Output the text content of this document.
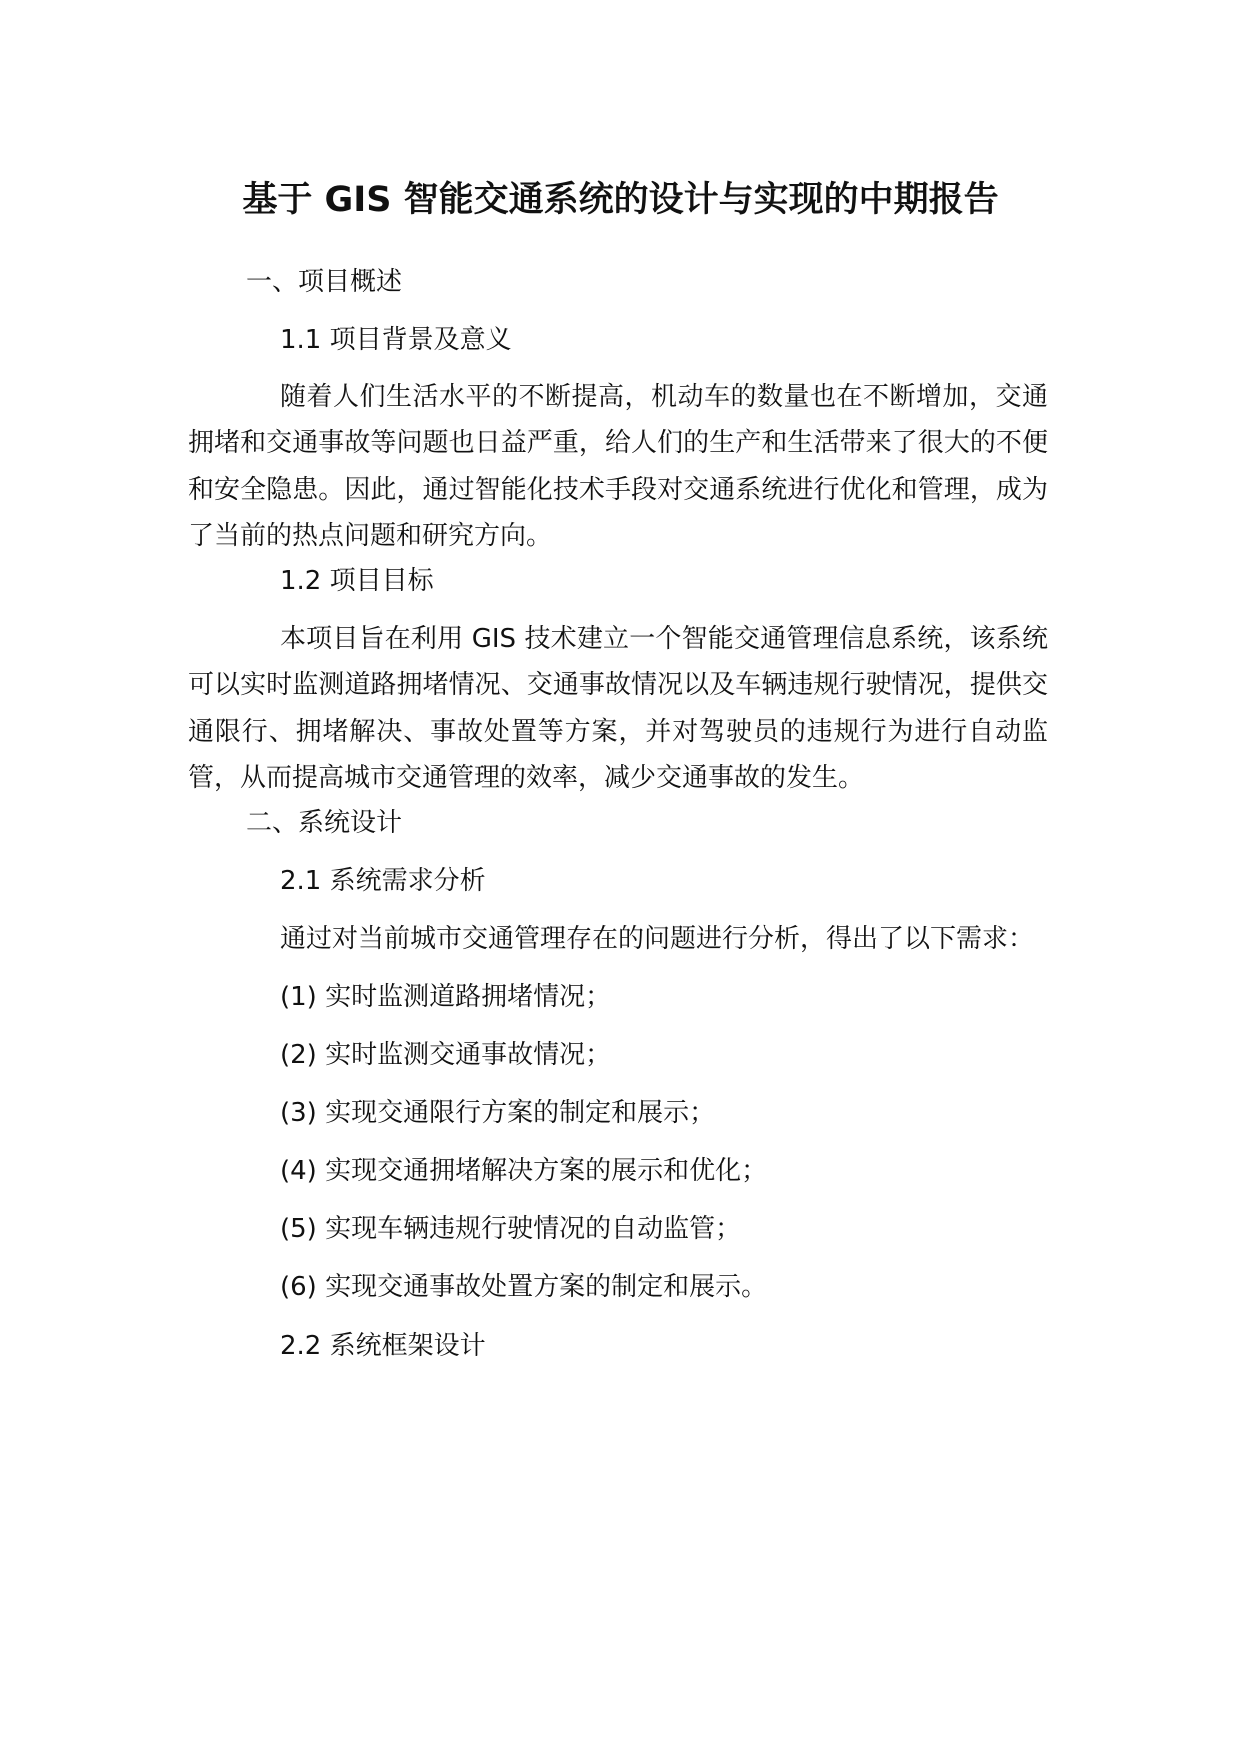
基于 GIS 智能交通系统的设计与实现的中期报告
一、项目概述
1.1 项目背景及意义
随着人们生活水平的不断提高，机动车的数量也在不断增加，交通拥堵和交通事故等问题也日益严重，给人们的生产和生活带来了很大的不便和安全隐患。因此，通过智能化技术手段对交通系统进行优化和管理，成为了当前的热点问题和研究方向。
1.2 项目目标
本项目旨在利用 GIS 技术建立一个智能交通管理信息系统，该系统可以实时监测道路拥堵情况、交通事故情况以及车辆违规行驶情况，提供交通限行、拥堵解决、事故处置等方案，并对驾驶员的违规行为进行自动监管，从而提高城市交通管理的效率，减少交通事故的发生。
二、系统设计
2.1 系统需求分析
通过对当前城市交通管理存在的问题进行分析，得出了以下需求：
(1) 实时监测道路拥堵情况；
(2) 实时监测交通事故情况；
(3) 实现交通限行方案的制定和展示；
(4) 实现交通拥堵解决方案的展示和优化；
(5) 实现车辆违规行驶情况的自动监管；
(6) 实现交通事故处置方案的制定和展示。
2.2 系统框架设计
